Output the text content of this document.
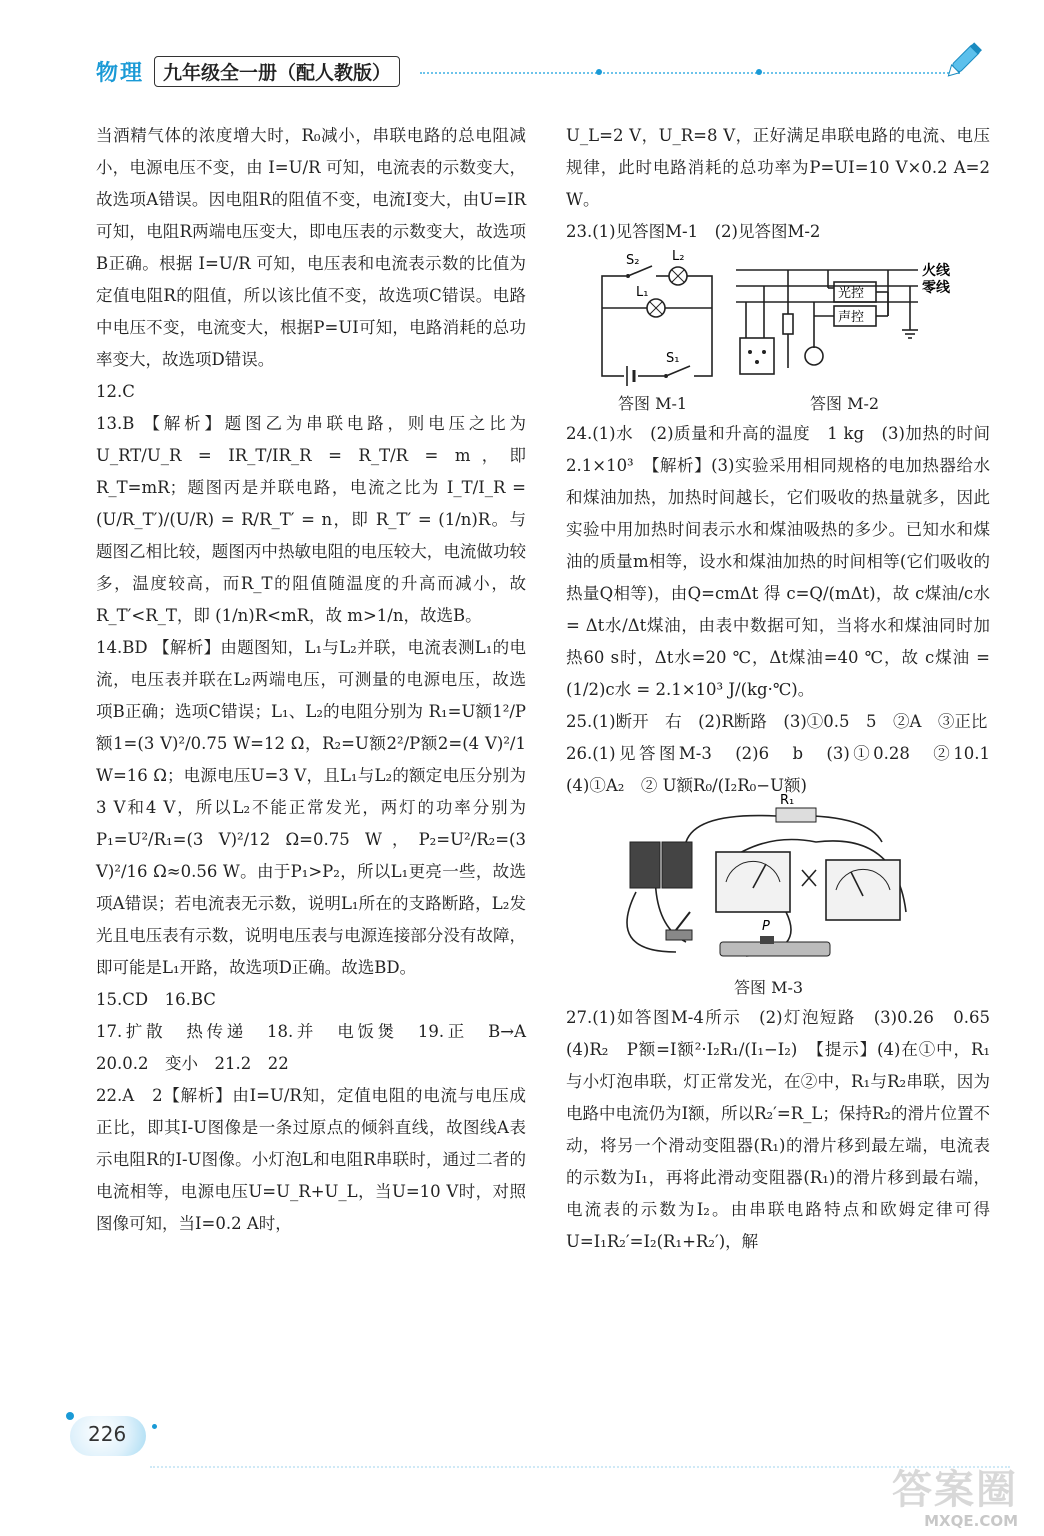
物理	九年级全一册（配人教版）

当酒精气体的浓度增大时，R₀减小，串联电路的总电阻减小，电源电压不变，由 I=U/R 可知，电流表的示数变大，故选项A错误。因电阻R的阻值不变，电流I变大，由U=IR可知，电阻R两端电压变大，即电压表的示数变大，故选项B正确。根据 I=U/R 可知，电压表和电流表示数的比值为定值电阻R的阻值，所以该比值不变，故选项C错误。电路中电压不变，电流变大，根据P=UI可知，电路消耗的总功率变大，故选项D错误。

12.C

13.B 【解析】题图乙为串联电路，则电压之比为 U_RT/U_R = IR_T/IR_R = R_T/R = m，即 R_T=mR；题图丙是并联电路，电流之比为 I_T/I_R = (U/R_T′)/(U/R) = R/R_T′ = n，即 R_T′ = (1/n)R。与题图乙相比较，题图丙中热敏电阻的电压较大，电流做功较多，温度较高，而R_T的阻值随温度的升高而减小，故 R_T′<R_T，即 (1/n)R<mR，故 m>1/n，故选B。

14.BD 【解析】由题图知，L₁与L₂并联，电流表测L₁的电流，电压表并联在L₂两端电压，可测量的电源电压，故选项B正确；选项C错误；L₁、L₂的电阻分别为 R₁=U额1²/P额1=(3 V)²/0.75 W=12 Ω，R₂=U额2²/P额2=(4 V)²/1 W=16 Ω；电源电压U=3 V，且L₁与L₂的额定电压分别为3 V和4 V，所以L₂不能正常发光，两灯的功率分别为 P₁=U²/R₁=(3 V)²/12 Ω=0.75 W，P₂=U²/R₂=(3 V)²/16 Ω≈0.56 W。由于P₁>P₂，所以L₁更亮一些，故选项A错误；若电流表无示数，说明L₁所在的支路断路，L₂发光且电压表有示数，说明电压表与电源连接部分没有故障，即可能是L₁开路，故选项D正确。故选BD。

15.CD　16.BC

17.扩散　热传递　18.并　电饭煲　19.正　B→A　20.0.2　变小　21.2　22

22.A　2【解析】由I=U/R知，定值电阻的电流与电压成正比，即其I-U图像是一条过原点的倾斜直线，故图线A表示电阻R的I-U图像。小灯泡L和电阻R串联时，通过二者的电流相等，电源电压U=U_R+U_L，当U=10 V时，对照图像可知，当I=0.2 A时，

U_L=2 V，U_R=8 V，正好满足串联电路的电流、电压规律，此时电路消耗的总功率为P=UI=10 V×0.2 A=2 W。

23.(1)见答图M-1　(2)见答图M-2

S₂	L₂
L₁
S₁
火线
零线
光控
声控
答图 M-1	答图 M-2

24.(1)水　(2)质量和升高的温度　1 kg　(3)加热的时间　2.1×10³　【解析】(3)实验采用相同规格的电加热器给水和煤油加热，加热时间越长，它们吸收的热量就多，因此实验中用加热时间表示水和煤油吸热的多少。已知水和煤油的质量m相等，设水和煤油加热的时间相等(它们吸收的热量Q相等)，由Q=cmΔt 得 c=Q/(mΔt)，故 c煤油/c水 = Δt水/Δt煤油，由表中数据可知，当将水和煤油同时加热60 s时，Δt水=20 ℃，Δt煤油=40 ℃，故 c煤油 = (1/2)c水 = 2.1×10³ J/(kg·℃)。

25.(1)断开　右　(2)R断路　(3)①0.5　5　②A　③正比

26.(1)见答图M-3　(2)6　b　(3)①0.28　②10.1　(4)①A₂　② U额R₀/(I₂R₀−U额)

R₁
P
答图 M-3

27.(1)如答图M-4所示　(2)灯泡短路　(3)0.26　0.65　(4)R₂　P额=I额²·I₂R₁/(I₁−I₂)　【提示】(4)在①中，R₁与小灯泡串联，灯正常发光，在②中，R₁与R₂串联，因为电路中电流仍为I额，所以R₂′=R_L；保持R₂的滑片位置不动，将另一个滑动变阻器(R₁)的滑片移到最左端，电流表的示数为I₁，再将此滑动变阻器(R₁)的滑片移到最右端，电流表的示数为I₂。由串联电路特点和欧姆定律可得U=I₁R₂′=I₂(R₁+R₂′)，解

226
答案圈
MXQE.COM
